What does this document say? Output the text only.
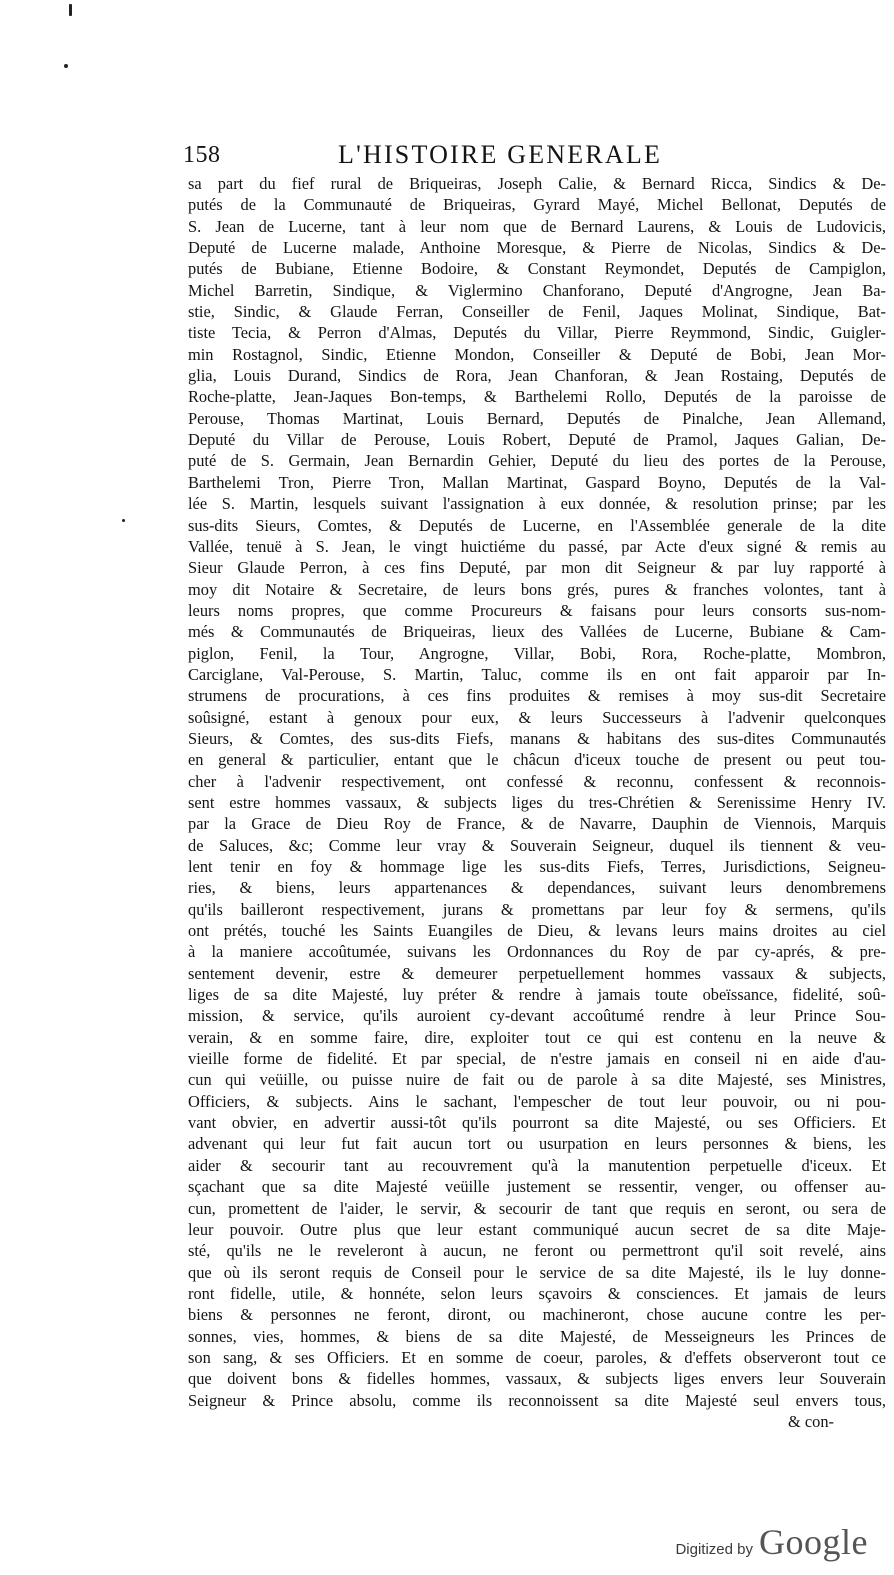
158	L'HISTOIRE GENERALE
sa part du fief rural de Briqueiras, Joseph Calie, & Bernard Ricca, Sindics & De-
putés de la Communauté de Briqueiras, Gyrard Mayé, Michel Bellonat, Deputés de
S. Jean de Lucerne, tant à leur nom que de Bernard Laurens, & Louis de Ludovicis,
Deputé de Lucerne malade, Anthoine Moresque, & Pierre de Nicolas, Sindics & De-
putés de Bubiane, Etienne Bodoire, & Constant Reymondet, Deputés de Campiglon,
Michel Barretin, Sindique, & Viglermino Chanforano, Deputé d'Angrogne, Jean Ba-
stie, Sindic, & Glaude Ferran, Conseiller de Fenil, Jaques Molinat, Sindique, Bat-
tiste Tecia, & Perron d'Almas, Deputés du Villar, Pierre Reymmond, Sindic, Guigler-
min Rostagnol, Sindic, Etienne Mondon, Conseiller & Deputé de Bobi, Jean Mor-
glia, Louis Durand, Sindics de Rora, Jean Chanforan, & Jean Rostaing, Deputés de
Roche-platte, Jean-Jaques Bon-temps, & Barthelemi Rollo, Deputés de la paroisse de
Perouse, Thomas Martinat, Louis Bernard, Deputés de Pinalche, Jean Allemand,
Deputé du Villar de Perouse, Louis Robert, Deputé de Pramol, Jaques Galian, De-
puté de S. Germain, Jean Bernardin Gehier, Deputé du lieu des portes de la Perouse,
Barthelemi Tron, Pierre Tron, Mallan Martinat, Gaspard Boyno, Deputés de la Val-
lée S. Martin, lesquels suivant l'assignation à eux donnée, & resolution prinse; par les
sus-dits Sieurs, Comtes, & Deputés de Lucerne, en l'Assemblée generale de la dite
Vallée, tenuë à S. Jean, le vingt huictiéme du passé, par Acte d'eux signé & remis au
Sieur Glaude Perron, à ces fins Deputé, par mon dit Seigneur & par luy rapporté à
moy dit Notaire & Secretaire, de leurs bons grés, pures & franches volontes, tant à
leurs noms propres, que comme Procureurs & faisans pour leurs consorts sus-nom-
més & Communautés de Briqueiras, lieux des Vallées de Lucerne, Bubiane & Cam-
piglon, Fenil, la Tour, Angrogne, Villar, Bobi, Rora, Roche-platte, Mombron,
Carciglane, Val-Perouse, S. Martin, Taluc, comme ils en ont fait apparoir par In-
strumens de procurations, à ces fins produites & remises à moy sus-dit Secretaire
soûsigné, estant à genoux pour eux, & leurs Successeurs à l'advenir quelconques
Sieurs, & Comtes, des sus-dits Fiefs, manans & habitans des sus-dites Communautés
en general & particulier, entant que le châcun d'iceux touche de present ou peut tou-
cher à l'advenir respectivement, ont confessé & reconnu, confessent & reconnois-
sent estre hommes vassaux, & subjects liges du tres-Chrétien & Serenissime Henry IV.
par la Grace de Dieu Roy de France, & de Navarre, Dauphin de Viennois, Marquis
de Saluces, &c; Comme leur vray & Souverain Seigneur, duquel ils tiennent & veu-
lent tenir en foy & hommage lige les sus-dits Fiefs, Terres, Jurisdictions, Seigneu-
ries, & biens, leurs appartenances & dependances, suivant leurs denombremens
qu'ils bailleront respectivement, jurans & promettans par leur foy & sermens, qu'ils
ont prétés, touché les Saints Euangiles de Dieu, & levans leurs mains droites au ciel
à la maniere accoûtumée, suivans les Ordonnances du Roy de par cy-aprés, & pre-
sentement devenir, estre & demeurer perpetuellement hommes vassaux & subjects,
liges de sa dite Majesté, luy préter & rendre à jamais toute obeïssance, fidelité, soû-
mission, & service, qu'ils auroient cy-devant accoûtumé rendre à leur Prince Sou-
verain, & en somme faire, dire, exploiter tout ce qui est contenu en la neuve &
vieille forme de fidelité. Et par special, de n'estre jamais en conseil ni en aide d'au-
cun qui veüille, ou puisse nuire de fait ou de parole à sa dite Majesté, ses Ministres,
Officiers, & subjects. Ains le sachant, l'empescher de tout leur pouvoir, ou ni pou-
vant obvier, en advertir aussi-tôt qu'ils pourront sa dite Majesté, ou ses Officiers. Et
advenant qui leur fut fait aucun tort ou usurpation en leurs personnes & biens, les
aider & secourir tant au recouvrement qu'à la manutention perpetuelle d'iceux. Et
sçachant que sa dite Majesté veüille justement se ressentir, venger, ou offenser au-
cun, promettent de l'aider, le servir, & secourir de tant que requis en seront, ou sera de
leur pouvoir. Outre plus que leur estant communiqué aucun secret de sa dite Maje-
sté, qu'ils ne le reveleront à aucun, ne feront ou permettront qu'il soit revelé, ains
que où ils seront requis de Conseil pour le service de sa dite Majesté, ils le luy donne-
ront fidelle, utile, & honnéte, selon leurs sçavoirs & consciences. Et jamais de leurs
biens & personnes ne feront, diront, ou machineront, chose aucune contre les per-
sonnes, vies, hommes, & biens de sa dite Majesté, de Messeigneurs les Princes de
son sang, & ses Officiers. Et en somme de coeur, paroles, & d'effets observeront tout ce
que doivent bons & fidelles hommes, vassaux, & subjects liges envers leur Souverain
Seigneur & Prince absolu, comme ils reconnoissent sa dite Majesté seul envers tous,
& con-
Digitized by Google
